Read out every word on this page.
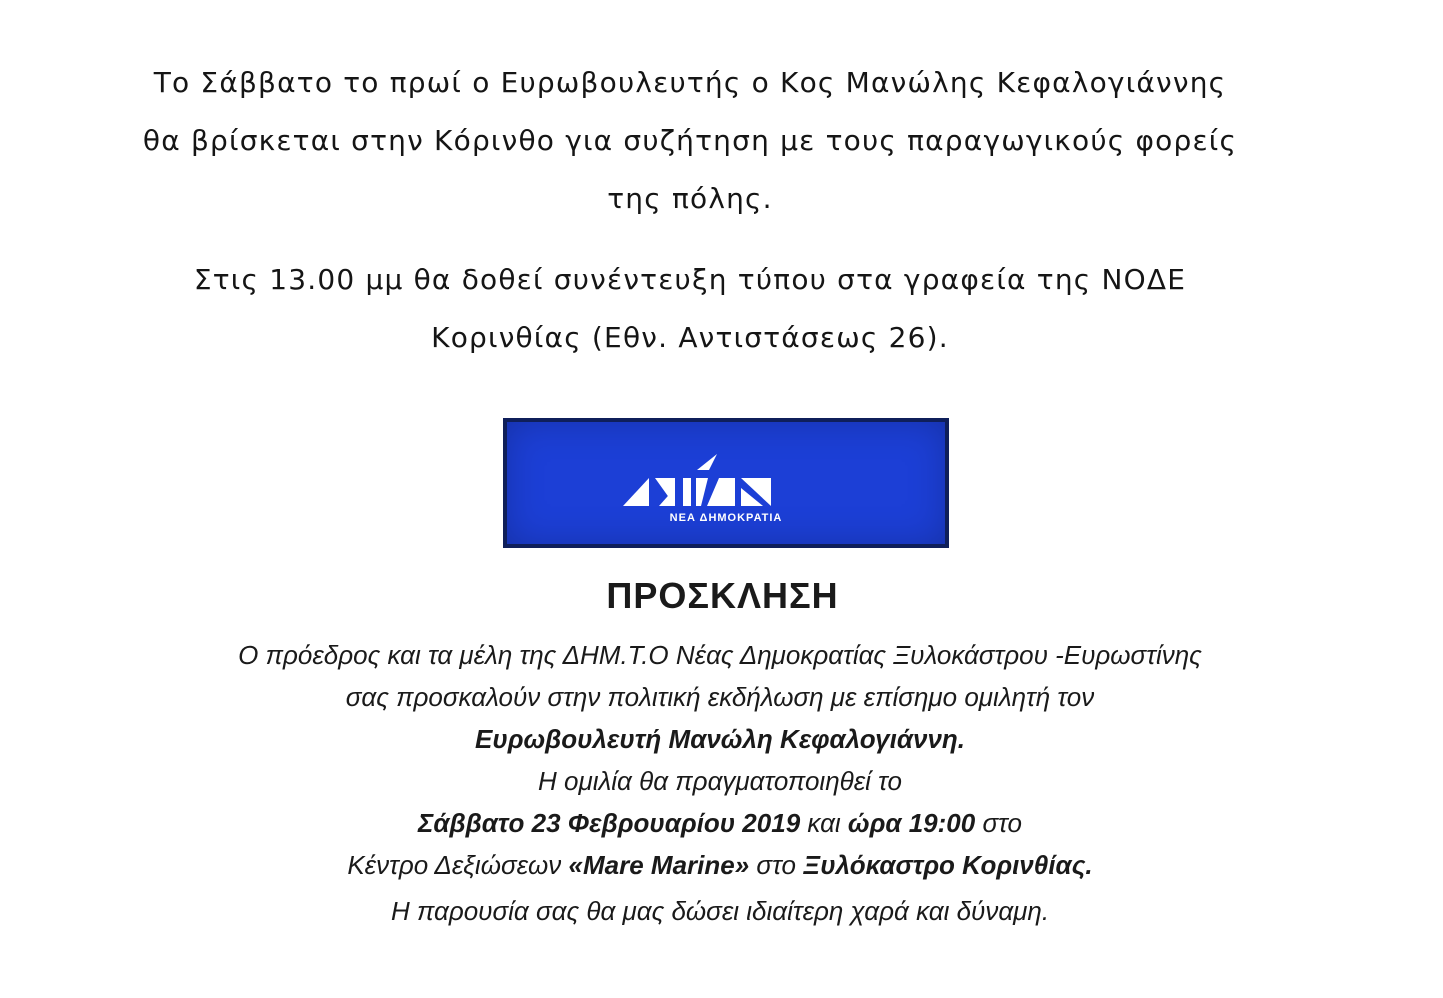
Το Σάββατο το πρωί ο Ευρωβουλευτής ο Κος Μανώλης Κεφαλογιάννης

θα βρίσκεται στην Κόρινθο για συζήτηση με τους παραγωγικούς φορείς

της πόλης.

Στις 13.00 μμ θα δοθεί συνέντευξη τύπου στα γραφεία της ΝΟΔΕ

Κορινθίας (Εθν. Αντιστάσεως 26).

ΝΕΑ ΔΗΜΟΚΡΑΤΙΑ
ΠΡΟΣΚΛΗΣΗ

Ο πρόεδρος και τα μέλη της ΔΗΜ.Τ.Ο Νέας Δημοκρατίας Ξυλοκάστρου -Ευρωστίνης

σας προσκαλούν στην πολιτική εκδήλωση με επίσημο ομιλητή τον

Ευρωβουλευτή Μανώλη Κεφαλογιάννη.

Η ομιλία θα πραγματοποιηθεί το

Σάββατο 23 Φεβρουαρίου 2019 και ώρα 19:00 στο

Κέντρο Δεξιώσεων «Mare Marine» στο Ξυλόκαστρο Κορινθίας.

Η παρουσία σας θα μας δώσει ιδιαίτερη χαρά και δύναμη.
